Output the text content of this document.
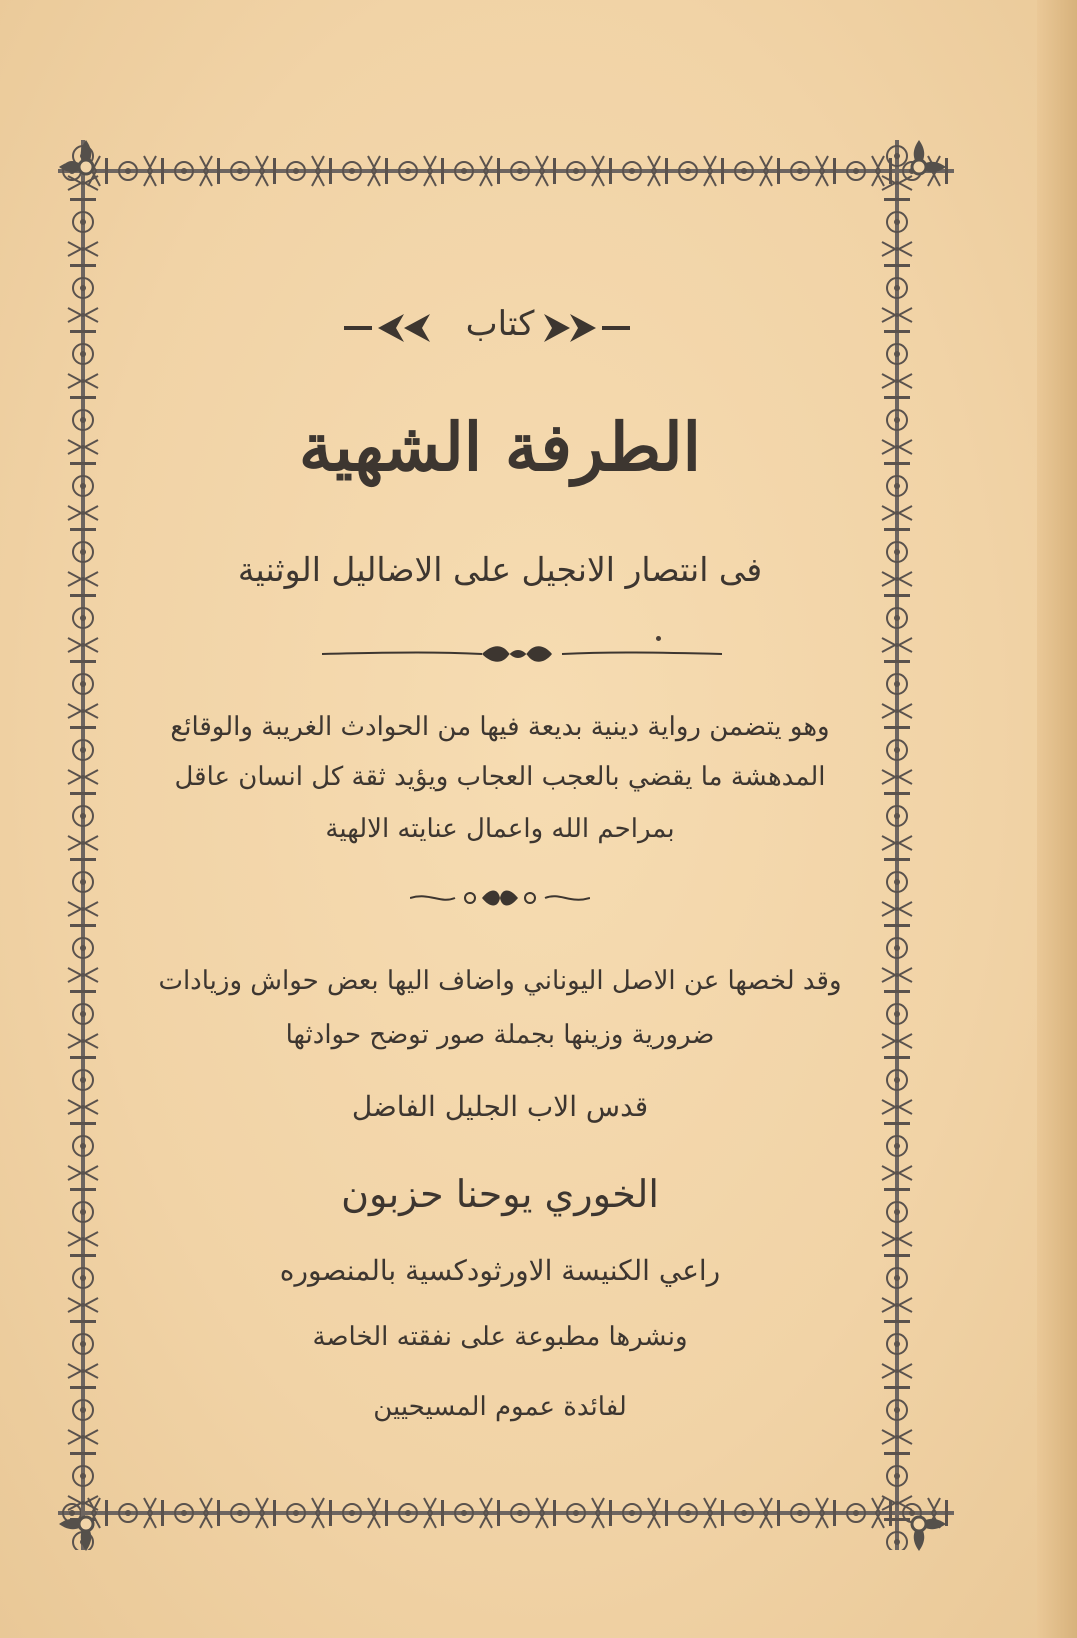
كتاب
الطرفة الشهية
فى انتصار الانجيل على الاضاليل الوثنية
وهو يتضمن رواية دينية بديعة فيها من الحوادث الغريبة والوقائع
المدهشة ما يقضي بالعجب العجاب ويؤيد ثقة كل انسان عاقل
بمراحم الله واعمال عنايته الالهية
وقد لخصها عن الاصل اليوناني واضاف اليها بعض حواش وزيادات
ضرورية وزينها بجملة صور توضح حوادثها
قدس الاب الجليل الفاضل
الخوري يوحنا حزبون
راعي الكنيسة الاورثودكسية بالمنصوره
ونشرها مطبوعة على نفقته الخاصة
لفائدة عموم المسيحيين
